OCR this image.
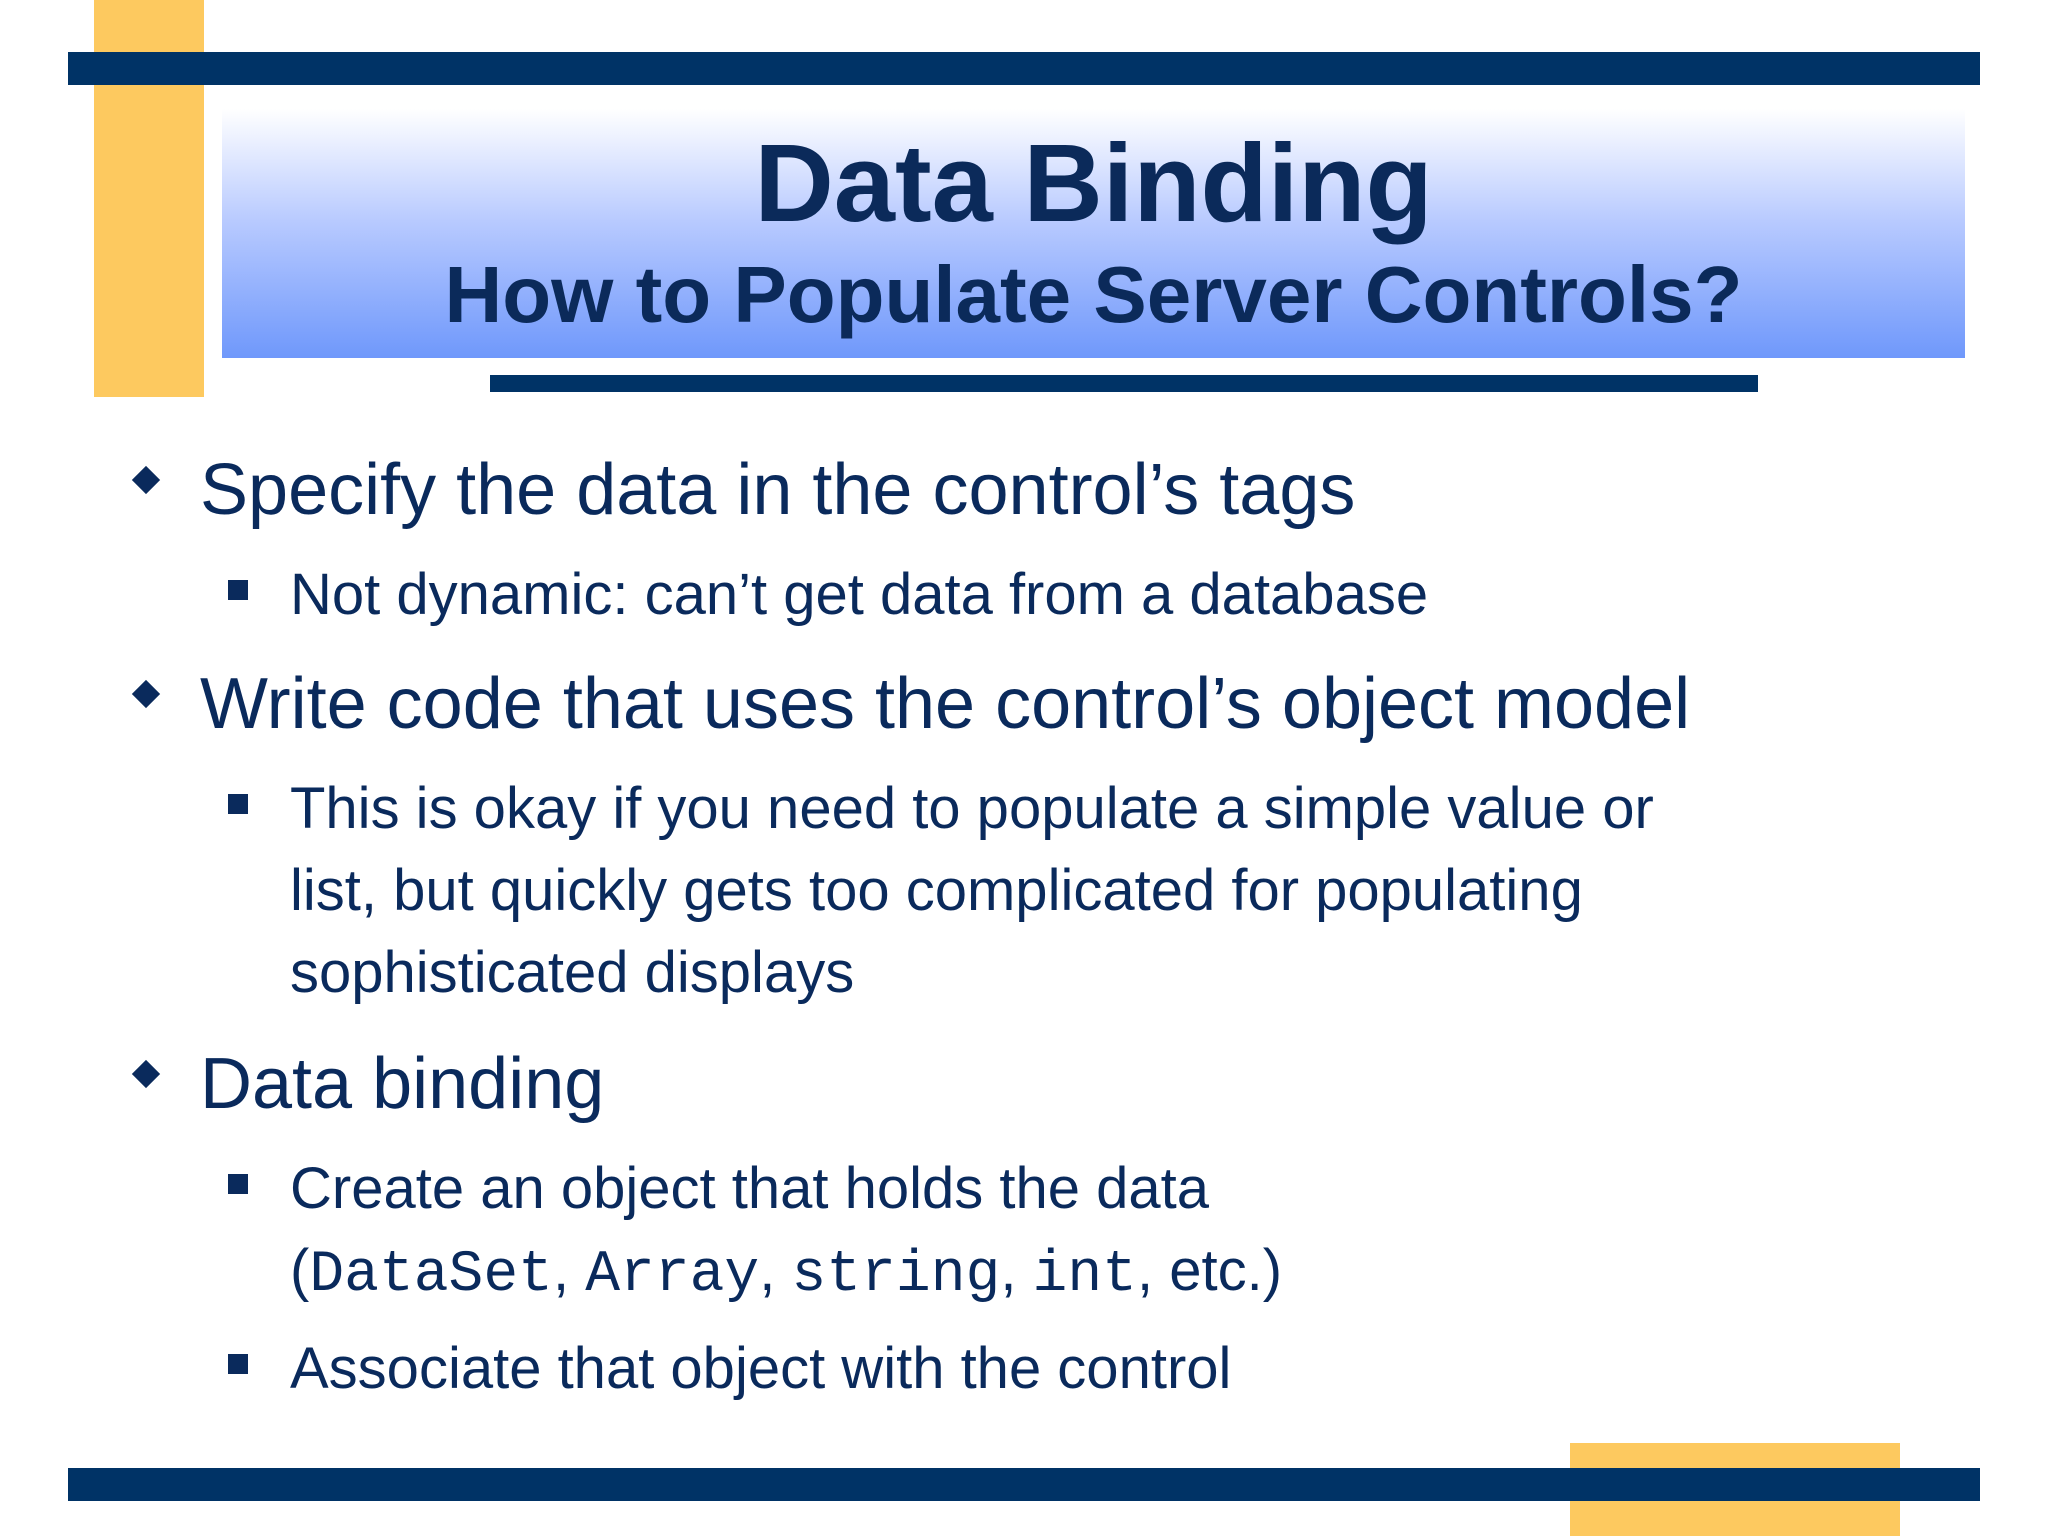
Data Binding
How to Populate Server Controls?
Specify the data in the control’s tags
Not dynamic: can’t get data from a database
Write code that uses the control’s object model
This is okay if you need to populate a simple value or
list, but quickly gets too complicated for populating
sophisticated displays
Data binding
Create an object that holds the data
(DataSet, Array, string, int, etc.)
Associate that object with the control
